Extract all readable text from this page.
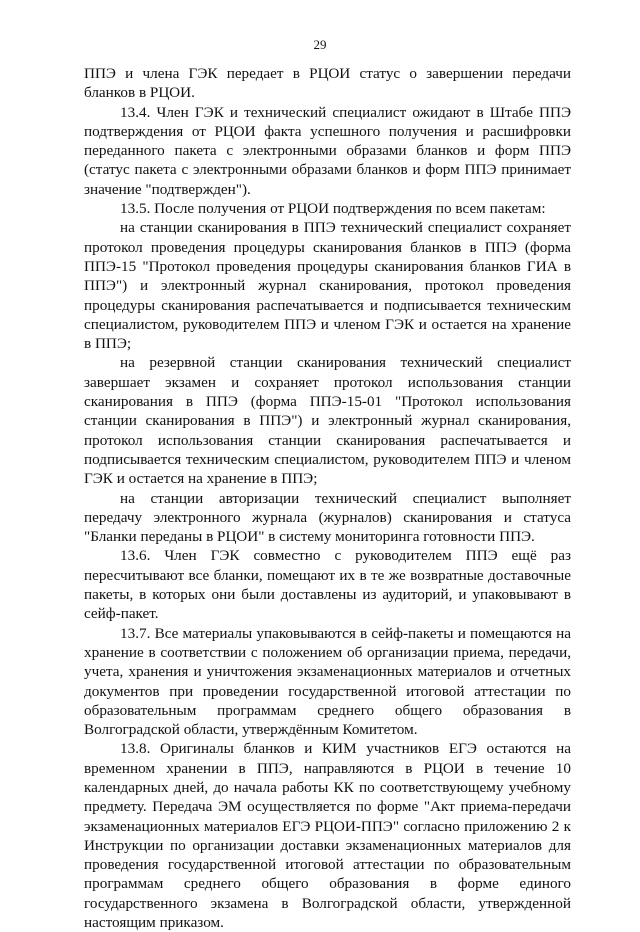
29

ППЭ и члена ГЭК передает в РЦОИ статус о завершении передачи бланков в РЦОИ.

13.4. Член ГЭК и технический специалист ожидают в Штабе ППЭ подтверждения от РЦОИ факта успешного получения и расшифровки переданного пакета с электронными образами бланков и форм ППЭ (статус пакета с электронными образами бланков и форм ППЭ принимает значение "подтвержден").

13.5. После получения от РЦОИ подтверждения по всем пакетам:

на станции сканирования в ППЭ технический специалист сохраняет протокол проведения процедуры сканирования бланков в ППЭ (форма ППЭ-15 "Протокол проведения процедуры сканирования бланков ГИА в ППЭ") и электронный журнал сканирования, протокол проведения процедуры сканирования распечатывается и подписывается техническим специалистом, руководителем ППЭ и членом ГЭК и остается на хранение в ППЭ;

на резервной станции сканирования технический специалист завершает экзамен и сохраняет протокол использования станции сканирования в ППЭ (форма ППЭ-15-01 "Протокол использования станции сканирования в ППЭ") и электронный журнал сканирования, протокол использования станции сканирования распечатывается и подписывается техническим специалистом, руководителем ППЭ и членом ГЭК и остается на хранение в ППЭ;

на станции авторизации технический специалист выполняет передачу электронного журнала (журналов) сканирования и статуса "Бланки переданы в РЦОИ" в систему мониторинга готовности ППЭ.

13.6. Член ГЭК совместно с руководителем ППЭ ещё раз пересчитывают все бланки, помещают их в те же возвратные доставочные пакеты, в которых они были доставлены из аудиторий, и упаковывают в сейф-пакет.

13.7. Все материалы упаковываются в сейф-пакеты и помещаются на хранение в соответствии с положением об организации приема, передачи, учета, хранения и уничтожения экзаменационных материалов и отчетных документов при проведении государственной итоговой аттестации по образовательным программам среднего общего образования в Волгоградской области, утверждённым Комитетом.

13.8. Оригиналы бланков и КИМ участников ЕГЭ остаются на временном хранении в ППЭ, направляются в РЦОИ в течение 10 календарных дней, до начала работы КК по соответствующему учебному предмету. Передача ЭМ осуществляется по форме "Акт приема-передачи экзаменационных материалов ЕГЭ РЦОИ-ППЭ" согласно приложению 2 к Инструкции по организации доставки экзаменационных материалов для проведения государственной итоговой аттестации по образовательным программам среднего общего образования в форме единого государственного экзамена в Волгоградской области, утвержденной настоящим приказом.
